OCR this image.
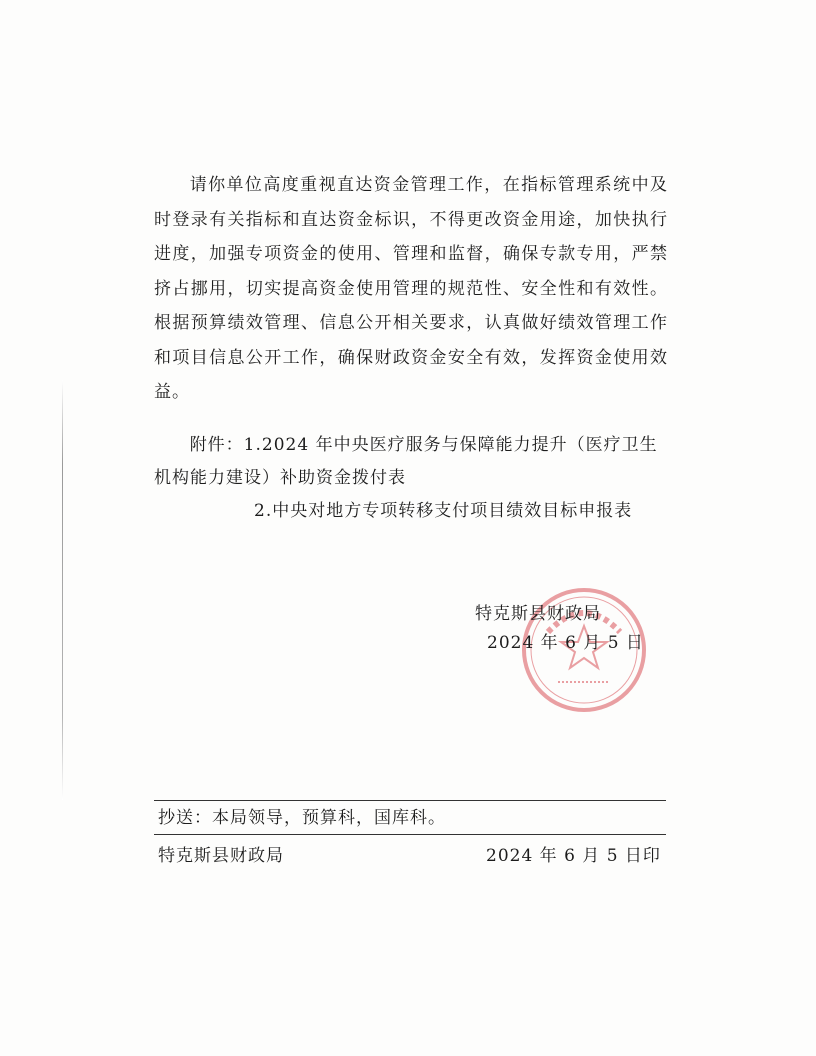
请你单位高度重视直达资金管理工作，在指标管理系统中及时登录有关指标和直达资金标识，不得更改资金用途，加快执行进度，加强专项资金的使用、管理和监督，确保专款专用，严禁挤占挪用，切实提高资金使用管理的规范性、安全性和有效性。根据预算绩效管理、信息公开相关要求，认真做好绩效管理工作和项目信息公开工作，确保财政资金安全有效，发挥资金使用效益。

附件：1.2024 年中央医疗服务与保障能力提升（医疗卫生机构能力建设）补助资金拨付表

2.中央对地方专项转移支付项目绩效目标申报表

特克斯县财政局
2024 年 6 月 5 日
抄送：本局领导，预算科，国库科。
特克斯县财政局	2024 年 6 月 5 日印
